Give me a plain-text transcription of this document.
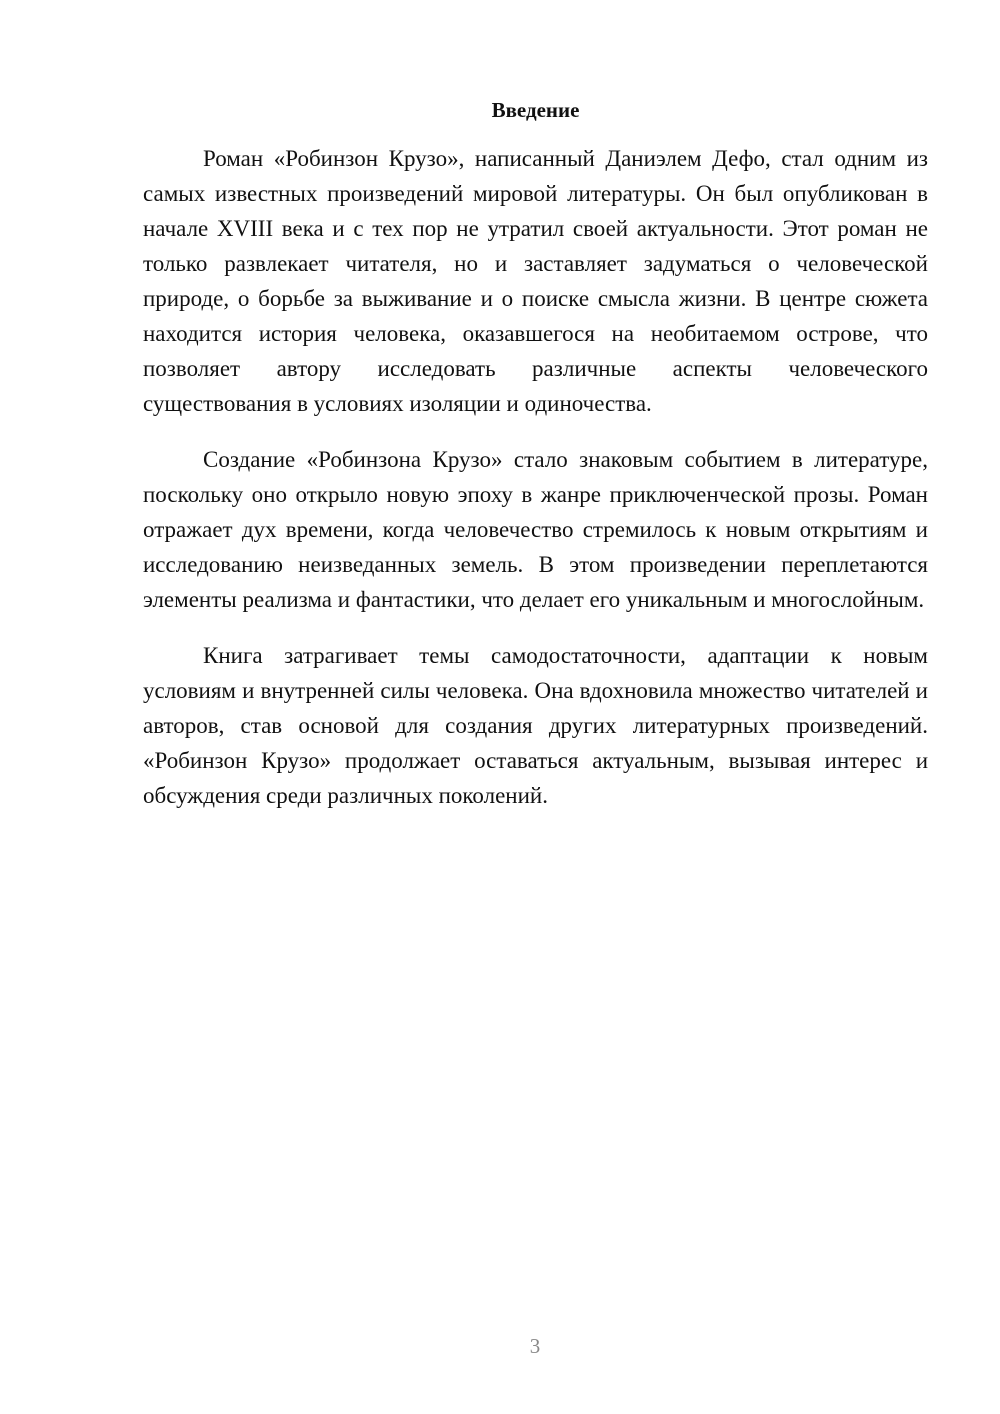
Введение

Роман «Робинзон Крузо», написанный Даниэлем Дефо, стал одним из самых известных произведений мировой литературы. Он был опубликован в начале XVIII века и с тех пор не утратил своей актуальности. Этот роман не только развлекает читателя, но и заставляет задуматься о человеческой природе, о борьбе за выживание и о поиске смысла жизни. В центре сюжета находится история человека, оказавшегося на необитаемом острове, что позволяет автору исследовать различные аспекты человеческого существования в условиях изоляции и одиночества.

Создание «Робинзона Крузо» стало знаковым событием в литературе, поскольку оно открыло новую эпоху в жанре приключенческой прозы. Роман отражает дух времени, когда человечество стремилось к новым открытиям и исследованию неизведанных земель. В этом произведении переплетаются элементы реализма и фантастики, что делает его уникальным и многослойным.

Книга затрагивает темы самодостаточности, адаптации к новым условиям и внутренней силы человека. Она вдохновила множество читателей и авторов, став основой для создания других литературных произведений. «Робинзон Крузо» продолжает оставаться актуальным, вызывая интерес и обсуждения среди различных поколений.

3
